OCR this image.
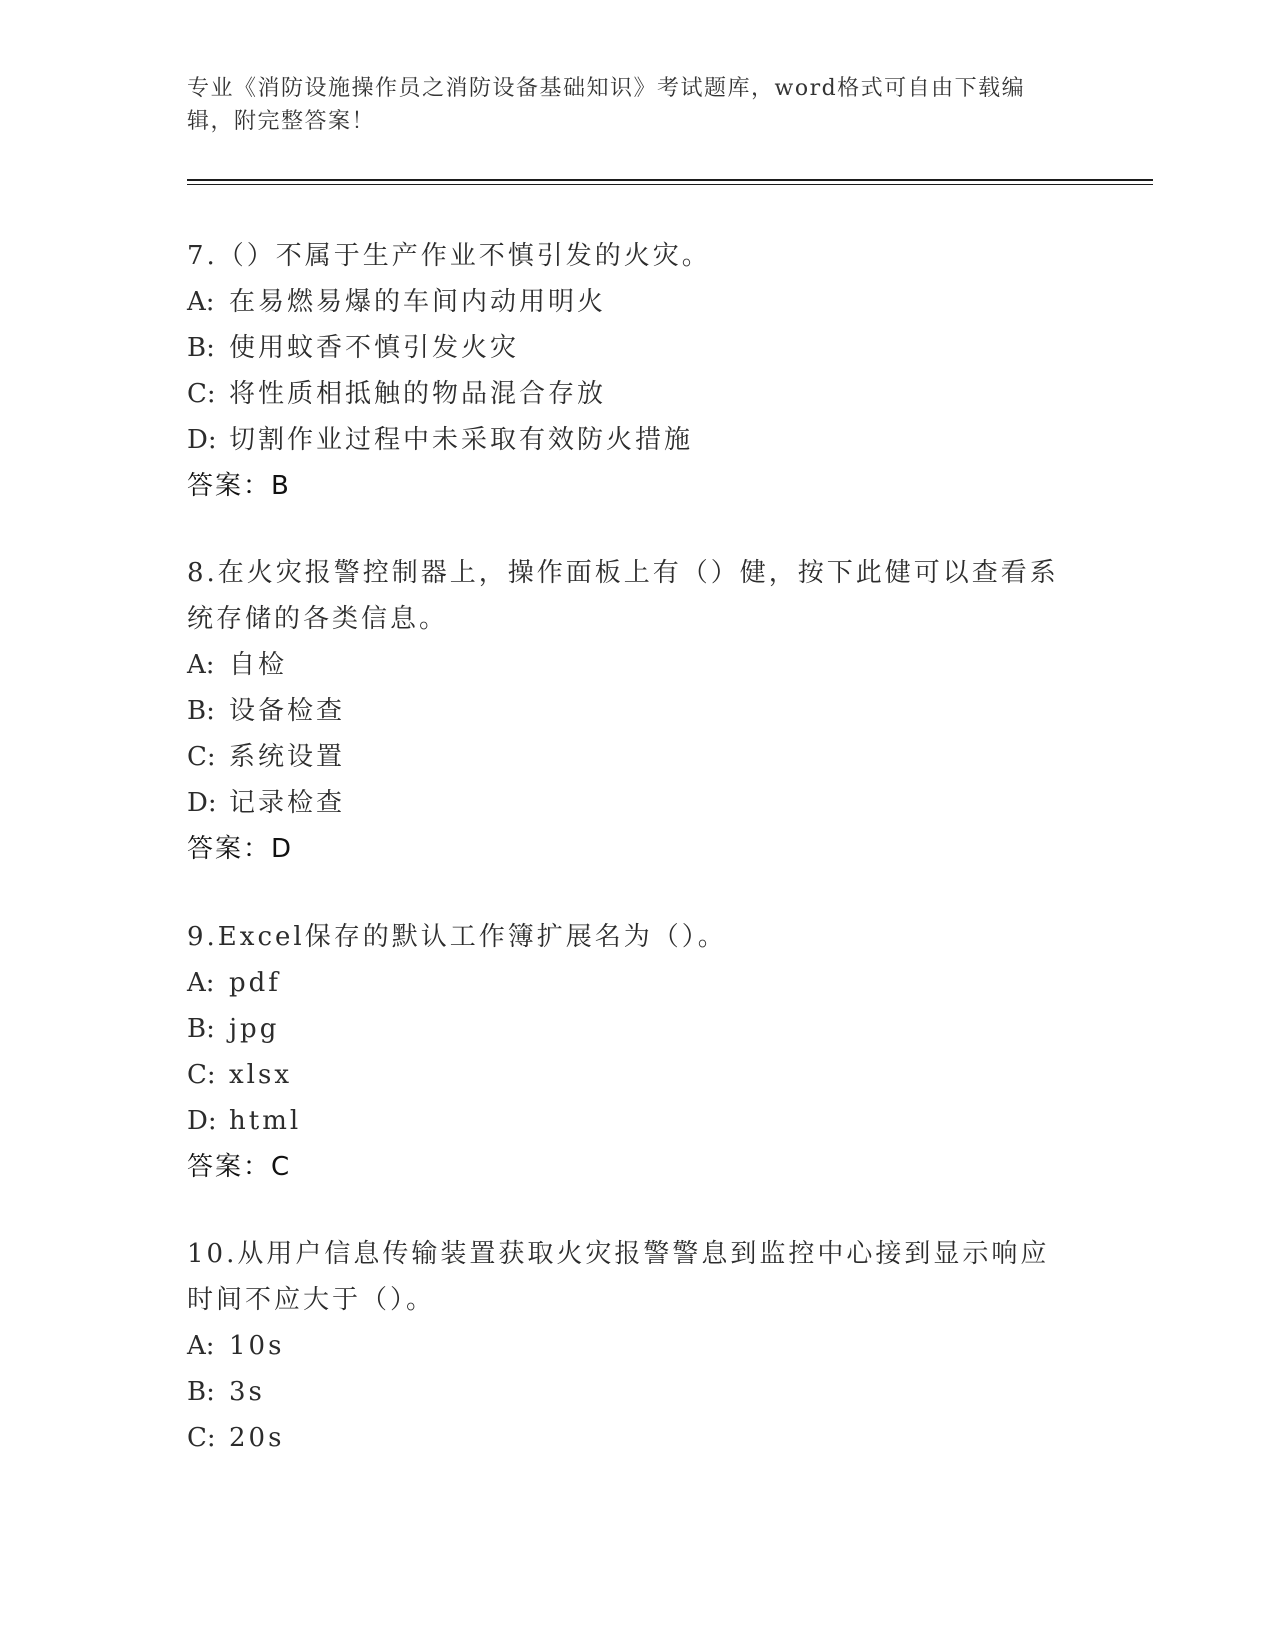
专业《消防设施操作员之消防设备基础知识》考试题库，word格式可自由下载编辑，附完整答案！

7.（）不属于生产作业不慎引发的火灾。

A: 在易燃易爆的车间内动用明火

B: 使用蚊香不慎引发火灾

C: 将性质相抵触的物品混合存放

D: 切割作业过程中未采取有效防火措施

答案：B

8.在火灾报警控制器上，操作面板上有（）健，按下此健可以查看系统存储的各类信息。

A: 自检

B: 设备检查

C: 系统设置

D: 记录检查

答案：D

9.Excel保存的默认工作簿扩展名为（）。

A: pdf

B: jpg

C: xlsx

D: html

答案：C

10.从用户信息传输装置获取火灾报警警息到监控中心接到显示响应时间不应大于（）。

A: 10s

B: 3s

C: 20s
